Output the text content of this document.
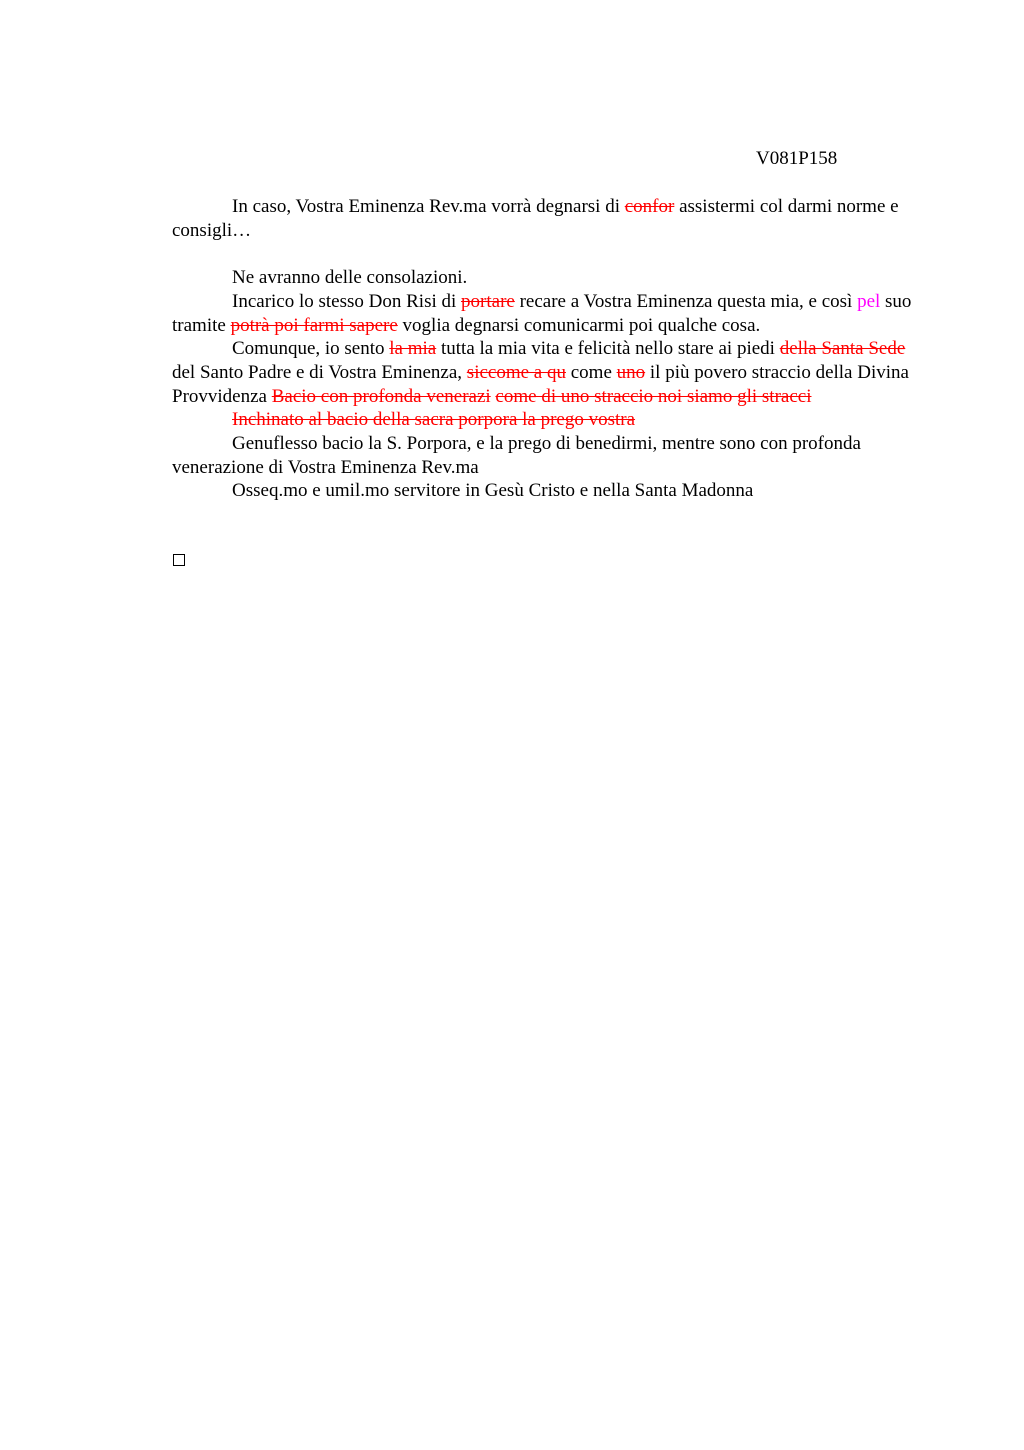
V081P158

In caso, Vostra Eminenza Rev.ma vorrà degnarsi di confor assistermi col darmi norme e consigli…

Ne avranno delle consolazioni.

Incarico lo stesso Don Risi di portare recare a Vostra Eminenza questa mia, e così pel suo tramite potrà poi farmi sapere voglia degnarsi comunicarmi poi qualche cosa.

Comunque, io sento la mia tutta la mia vita e felicità nello stare ai piedi della Santa Sede del Santo Padre e di Vostra Eminenza, siccome a qu come uno il più povero straccio della Divina Provvidenza Bacio con profonda venerazi come di uno straccio noi siamo gli stracci

Inchinato al bacio della sacra porpora la prego vostra

Genuflesso bacio la S. Porpora, e la prego di benedirmi, mentre sono con profonda venerazione di Vostra Eminenza Rev.ma

Osseq.mo e umil.mo servitore in Gesù Cristo e nella Santa Madonna
